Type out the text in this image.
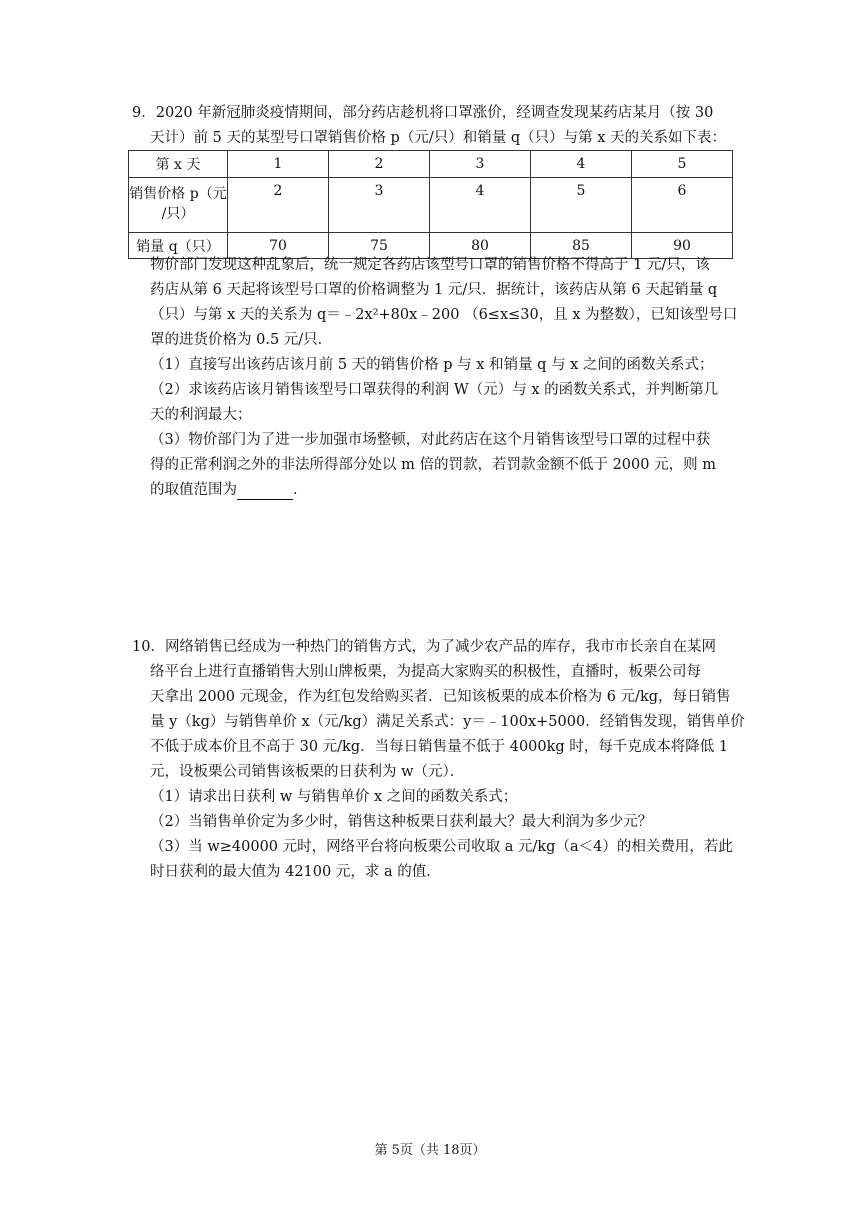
9．2020 年新冠肺炎疫情期间，部分药店趁机将口罩涨价，经调查发现某药店某月（按 30
天计）前 5 天的某型号口罩销售价格 p（元/只）和销量 q（只）与第 x 天的关系如下表：
第 x 天	1	2	3	4	5

销售价格 p（元
/只）	2	3	4	5	6
销量 q（只）	70	75	80	85	90
物价部门发现这种乱象后，统一规定各药店该型号口罩的销售价格不得高于 1 元/只，该
药店从第 6 天起将该型号口罩的价格调整为 1 元/只．据统计，该药店从第 6 天起销量 q
（只）与第 x 天的关系为 q＝﹣2x²+80x﹣200 （6≤x≤30，且 x 为整数），已知该型号口
罩的进货价格为 0.5 元/只．
（1）直接写出该药店该月前 5 天的销售价格 p 与 x 和销量 q 与 x 之间的函数关系式；
（2）求该药店该月销售该型号口罩获得的利润 W（元）与 x 的函数关系式，并判断第几
天的利润最大；
（3）物价部门为了进一步加强市场整顿，对此药店在这个月销售该型号口罩的过程中获
得的正常利润之外的非法所得部分处以 m 倍的罚款，若罚款金额不低于 2000 元，则 m
的取值范围为	．
10．网络销售已经成为一种热门的销售方式，为了减少农产品的库存，我市市长亲自在某网
络平台上进行直播销售大别山牌板栗，为提高大家购买的积极性，直播时，板栗公司每
天拿出 2000 元现金，作为红包发给购买者．已知该板栗的成本价格为 6 元/kg，每日销售
量 y（kg）与销售单价 x（元/kg）满足关系式：y＝﹣100x+5000．经销售发现，销售单价
不低于成本价且不高于 30 元/kg．当每日销售量不低于 4000kg 时，每千克成本将降低 1
元，设板栗公司销售该板栗的日获利为 w（元）．
（1）请求出日获利 w 与销售单价 x 之间的函数关系式；
（2）当销售单价定为多少时，销售这种板栗日获利最大？最大利润为多少元？
（3）当 w≥40000 元时，网络平台将向板栗公司收取 a 元/kg（a＜4）的相关费用，若此
时日获利的最大值为 42100 元，求 a 的值．
第 5页（共 18页）
